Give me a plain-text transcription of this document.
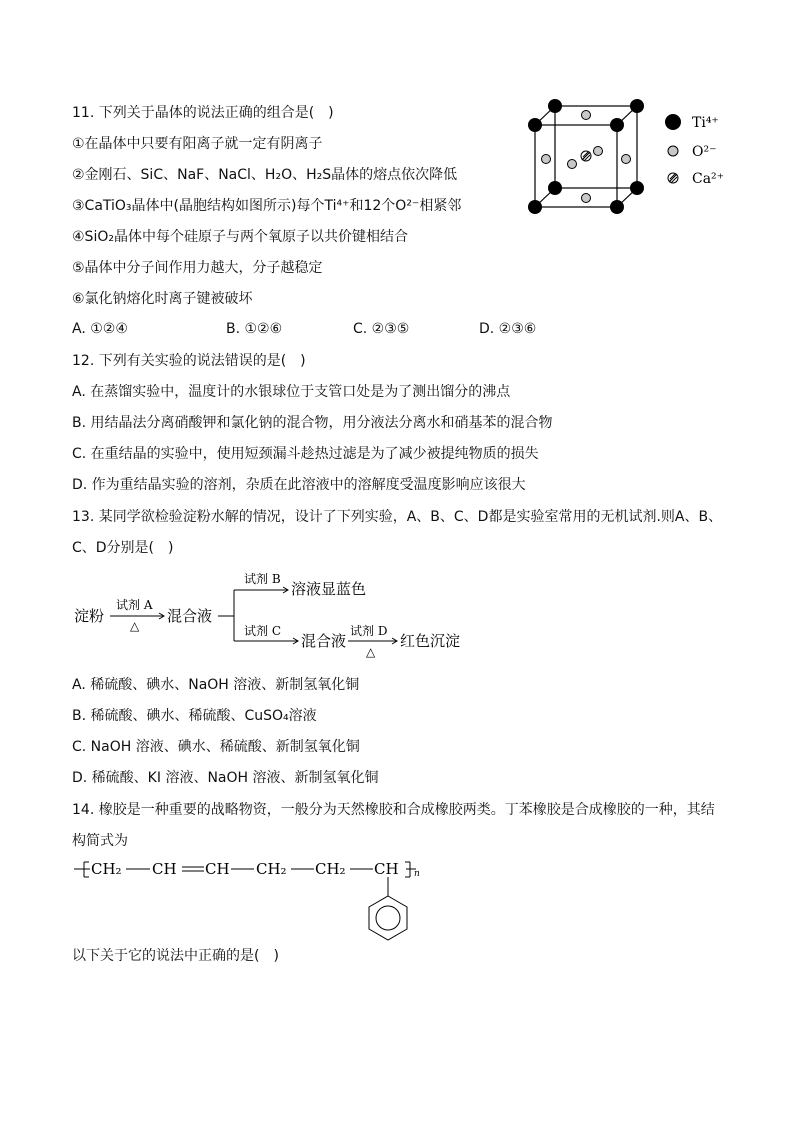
11. 下列关于晶体的说法正确的组合是(　)
①在晶体中只要有阳离子就一定有阴离子
②金刚石、SiC、NaF、NaCl、H₂O、H₂S晶体的熔点依次降低
③CaTiO₃晶体中(晶胞结构如图所示)每个Ti⁴⁺和12个O²⁻相紧邻
④SiO₂晶体中每个硅原子与两个氧原子以共价键相结合
⑤晶体中分子间作用力越大，分子越稳定
⑥氯化钠熔化时离子键被破坏
A. ①②④	B. ①②⑥	C. ②③⑤	D. ②③⑥
Ti⁴⁺
O²⁻
Ca²⁺
12. 下列有关实验的说法错误的是(　)
A. 在蒸馏实验中，温度计的水银球位于支管口处是为了测出馏分的沸点
B. 用结晶法分离硝酸钾和氯化钠的混合物，用分液法分离水和硝基苯的混合物
C. 在重结晶的实验中，使用短颈漏斗趁热过滤是为了减少被提纯物质的损失
D. 作为重结晶实验的溶剂，杂质在此溶液中的溶解度受温度影响应该很大
13. 某同学欲检验淀粉水解的情况，设计了下列实验，A、B、C、D都是实验室常用的无机试剂.则A、B、
C、D分别是(　)
淀粉	混合液
溶液显蓝色
混合液	红色沉淀
试剂 A
△
试剂 B
试剂 C	试剂 D
△
A. 稀硫酸、碘水、NaOH 溶液、新制氢氧化铜
B. 稀硫酸、碘水、稀硫酸、CuSO₄溶液
C. NaOH 溶液、碘水、稀硫酸、新制氢氧化铜
D. 稀硫酸、KI 溶液、NaOH 溶液、新制氢氧化铜
14. 橡胶是一种重要的战略物资，一般分为天然橡胶和合成橡胶两类。丁苯橡胶是合成橡胶的一种，其结
构简式为
CH₂ CH CH CH₂ CH₂ CH n
以下关于它的说法中正确的是(　)
